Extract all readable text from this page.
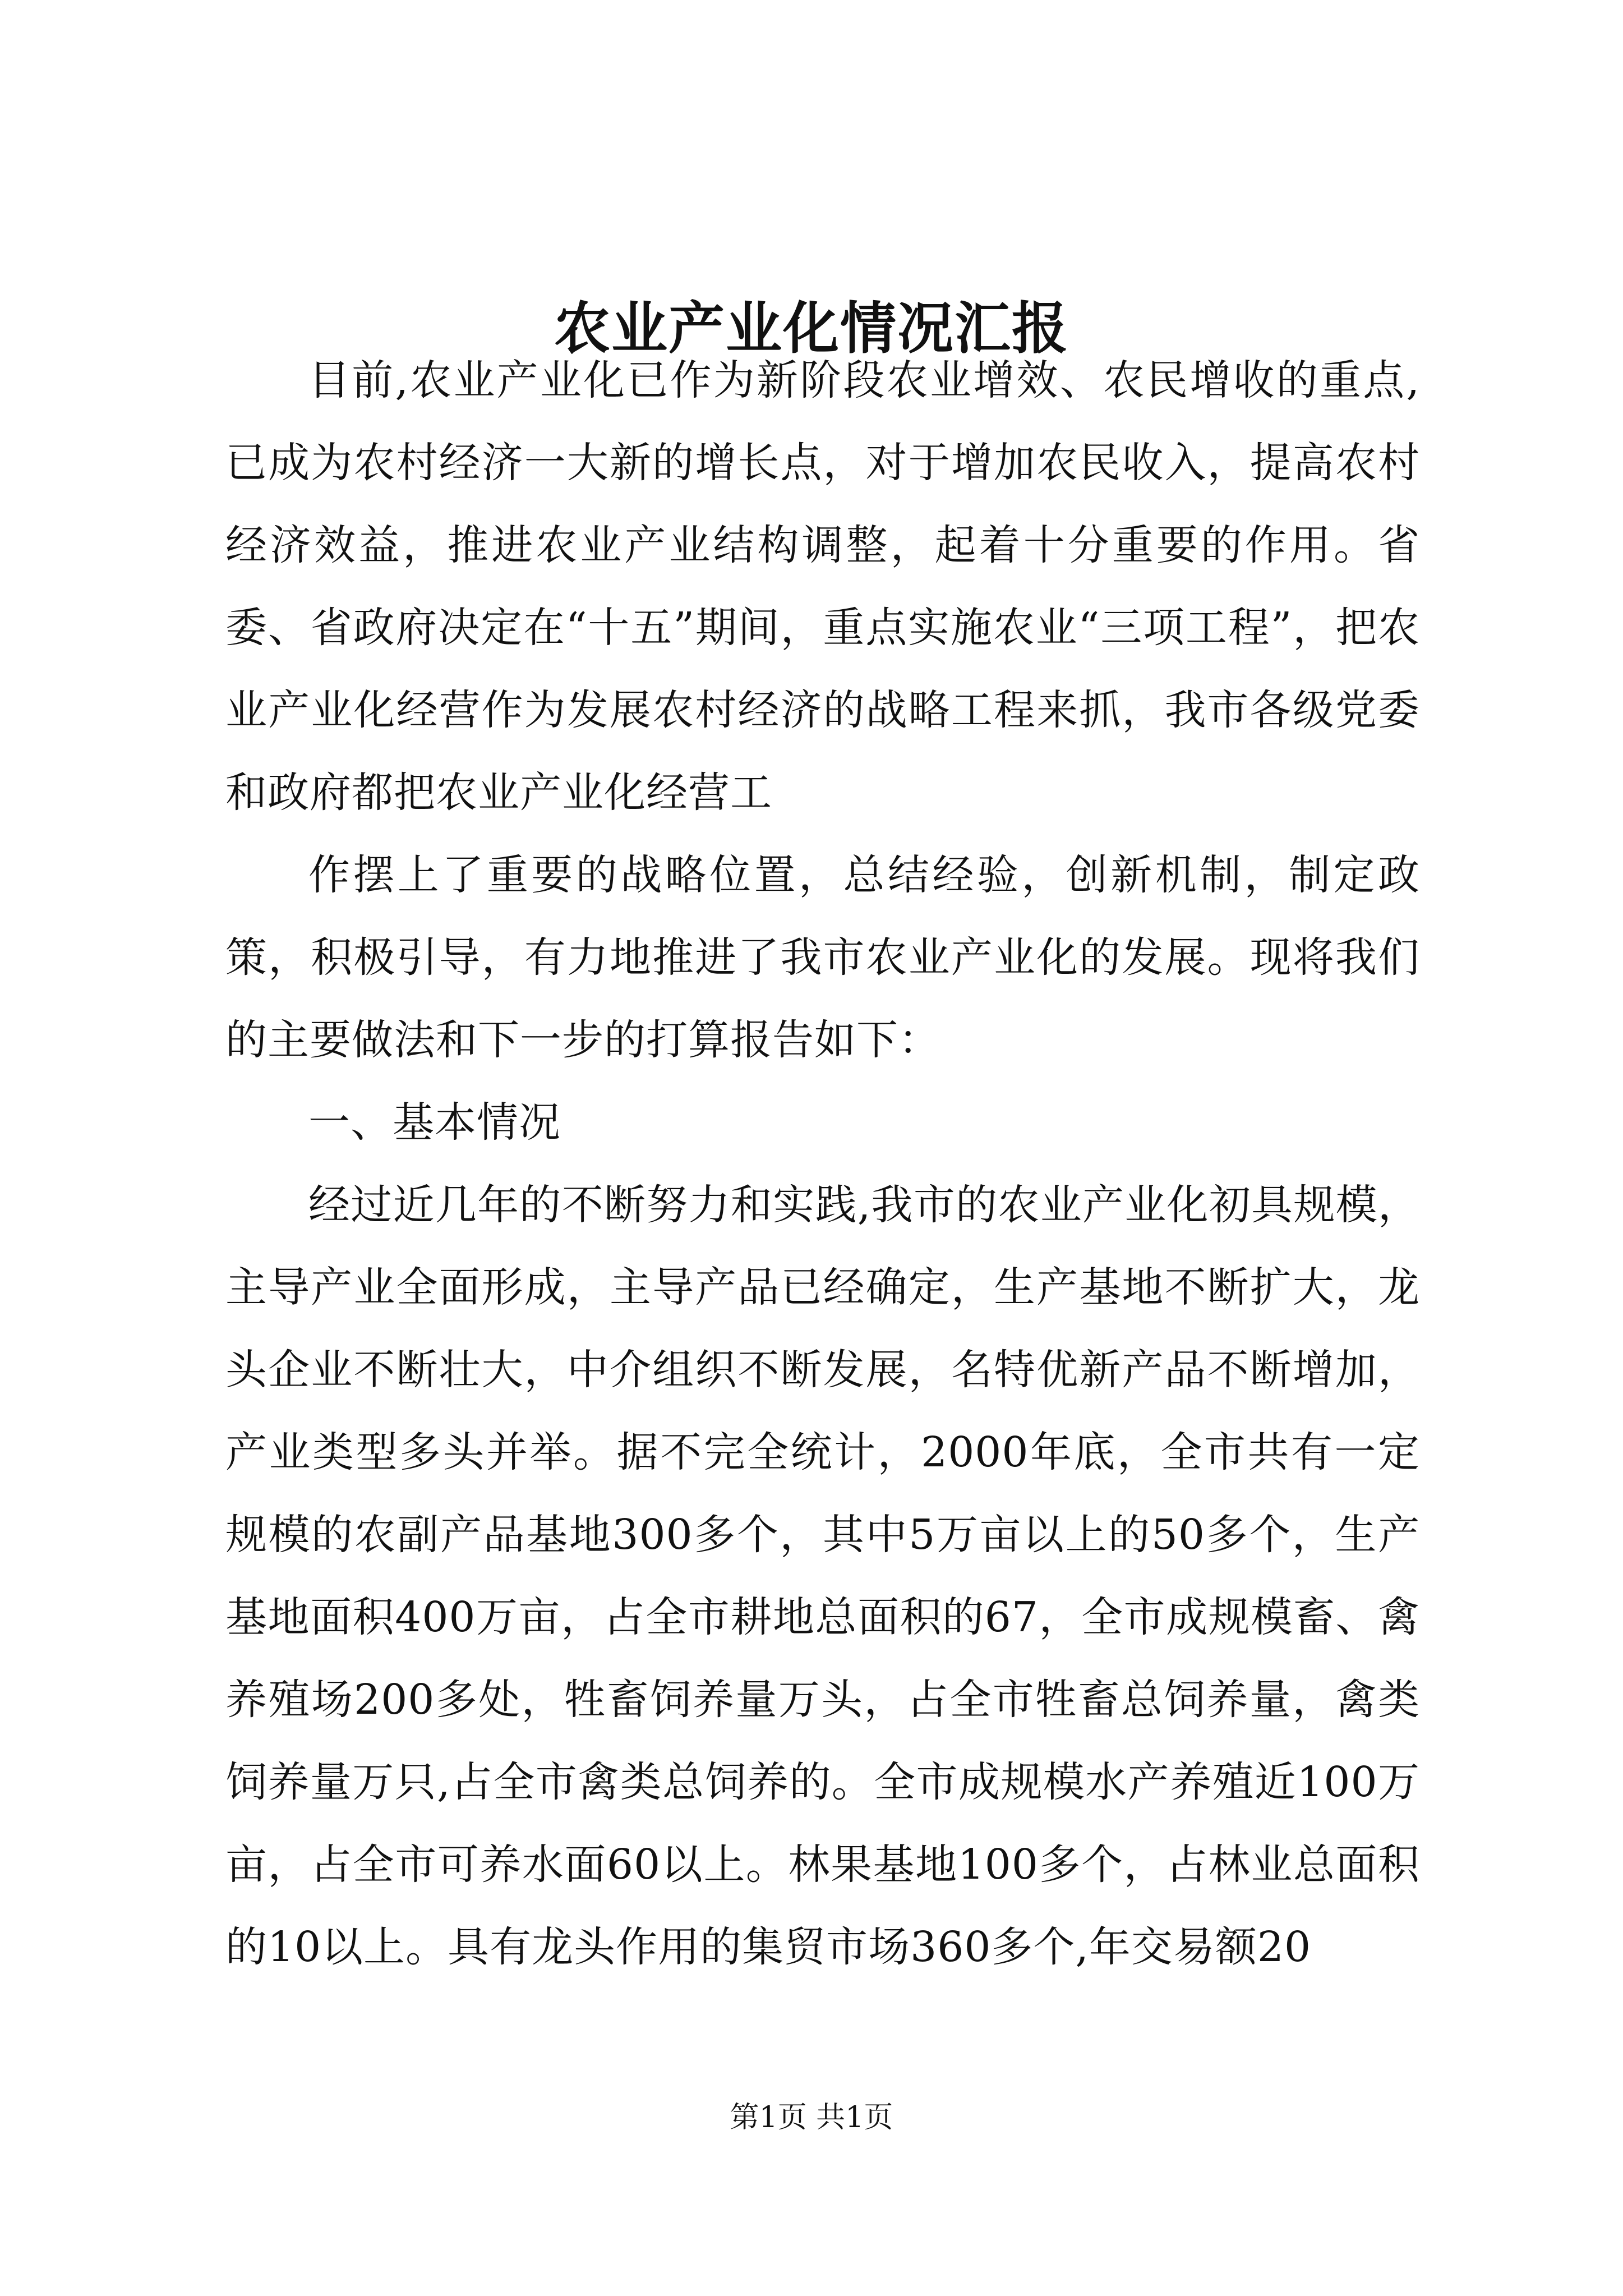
农业产业化情况汇报

目前,农业产业化已作为新阶段农业增效、农民增收的重点,已成为农村经济一大新的增长点，对于增加农民收入，提高农村经济效益，推进农业产业结构调整，起着十分重要的作用。省委、省政府决定在“十五”期间，重点实施农业“三项工程”，把农业产业化经营作为发展农村经济的战略工程来抓，我市各级党委和政府都把农业产业化经营工

作摆上了重要的战略位置，总结经验，创新机制，制定政策，积极引导，有力地推进了我市农业产业化的发展。现将我们的主要做法和下一步的打算报告如下：

一、基本情况

经过近几年的不断努力和实践,我市的农业产业化初具规模，主导产业全面形成，主导产品已经确定，生产基地不断扩大，龙头企业不断壮大，中介组织不断发展，名特优新产品不断增加，产业类型多头并举。据不完全统计，2000年底，全市共有一定规模的农副产品基地300多个，其中5万亩以上的50多个，生产基地面积400万亩，占全市耕地总面积的67，全市成规模畜、禽养殖场200多处，牲畜饲养量万头，占全市牲畜总饲养量，禽类饲养量万只,占全市禽类总饲养的。全市成规模水产养殖近100万亩，占全市可养水面60以上。林果基地100多个，占林业总面积的10以上。具有龙头作用的集贸市场360多个,年交易额20

第1页 共1页
